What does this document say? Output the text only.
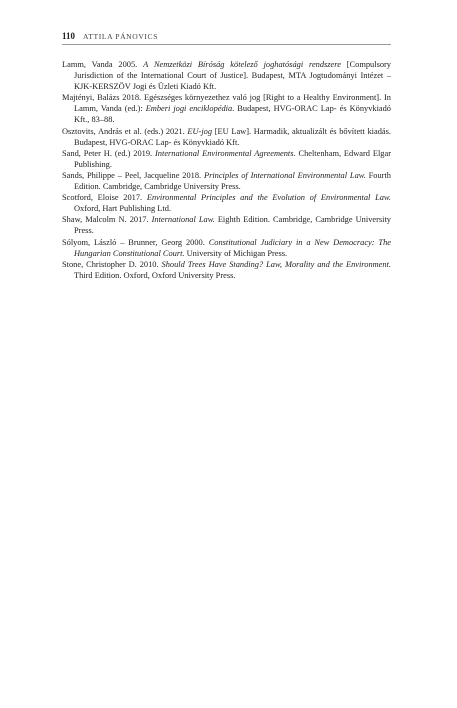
110 ATTILA PÁNOVICS

Lamm, Vanda 2005. A Nemzetközi Bíróság kötelező joghatósági rendszere [Compulsory Jurisdiction of the International Court of Justice]. Budapest, MTA Jogtudományi Intézet – KJK-KERSZÖV Jogi és Üzleti Kiadó Kft.

Majtényi, Balázs 2018. Egészséges környezethez való jog [Right to a Healthy Environment]. In Lamm, Vanda (ed.): Emberi jogi enciklopédia. Budapest, HVG-ORAC Lap- és Könyvkiadó Kft., 83–88.

Osztovits, András et al. (eds.) 2021. EU-jog [EU Law]. Harmadik, aktualizált és bővített kiadás. Budapest, HVG-ORAC Lap- és Könyvkiadó Kft.

Sand, Peter H. (ed.) 2019. International Environmental Agreements. Cheltenham, Edward Elgar Publishing.

Sands, Philippe – Peel, Jacqueline 2018. Principles of International Environmental Law. Fourth Edition. Cambridge, Cambridge University Press.

Scotford, Eloise 2017. Environmental Principles and the Evolution of Environmental Law. Oxford, Hart Publishing Ltd.

Shaw, Malcolm N. 2017. International Law. Eighth Edition. Cambridge, Cambridge University Press.

Sólyom, László – Brunner, Georg 2000. Constitutional Judiciary in a New Democracy: The Hungarian Constitutional Court. University of Michigan Press.

Stone, Christopher D. 2010. Should Trees Have Standing? Law, Morality and the Environment. Third Edition. Oxford, Oxford University Press.
